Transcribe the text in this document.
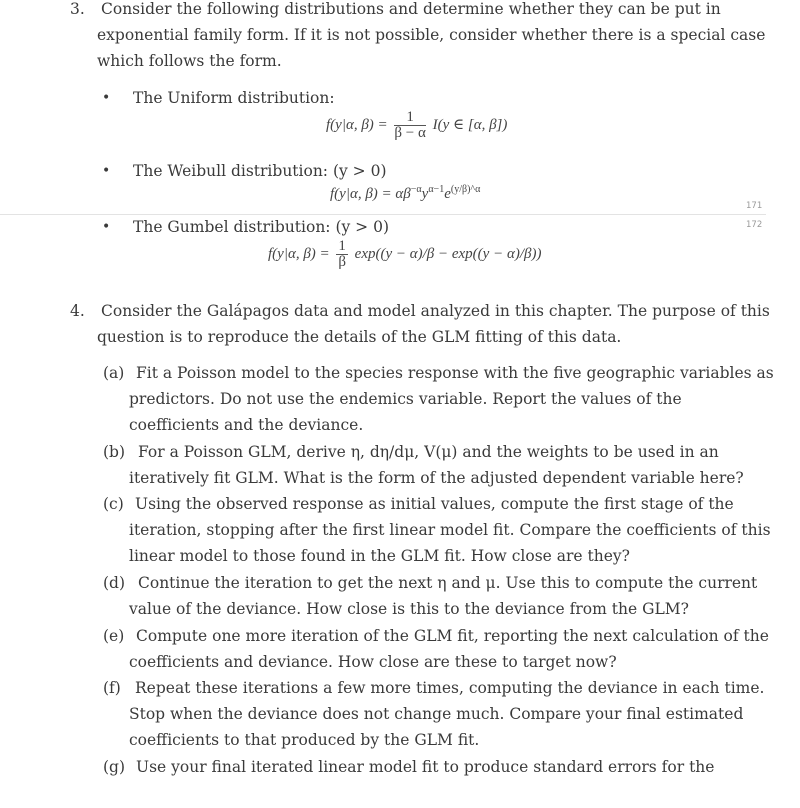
3. Consider the following distributions and determine whether they can be put in
exponential family form. If it is not possible, consider whether there is a special case
which follows the form.
• The Uniform distribution:
f(y|α, $\beta) = \frac{1}{\beta - \alpha} I(y$ ∈ [α, β])
• The Weibull distribution: (y > 0)
f(y|α, $\beta) = \alpha\beta^{-\alpha}y^{\alpha-1}e^{(y/\beta)\^{}\alpha}$
171
172
• The Gumbel distribution: (y > 0)
f(y|α, $\beta) = \frac{1}{\beta} \exp((y - \alpha)/\beta - \exp((y - \alpha)/\beta))$
4. Consider the Galápagos data and model analyzed in this chapter. The purpose of this
question is to reproduce the details of the GLM fitting of this data.
(a) Fit a Poisson model to the species response with the five geographic variables as
predictors. Do not use the endemics variable. Report the values of the
coefficients and the deviance.
(b) For a Poisson GLM, derive η, dη/dμ, V(μ) and the weights to be used in an
iteratively fit GLM. What is the form of the adjusted dependent variable here?
(c) Using the observed response as initial values, compute the first stage of the
iteration, stopping after the first linear model fit. Compare the coefficients of this
linear model to those found in the GLM fit. How close are they?
(d) Continue the iteration to get the next η and μ. Use this to compute the current
value of the deviance. How close is this to the deviance from the GLM?
(e) Compute one more iteration of the GLM fit, reporting the next calculation of the
coefficients and deviance. How close are these to target now?
(f) Repeat these iterations a few more times, computing the deviance in each time.
Stop when the deviance does not change much. Compare your final estimated
coefficients to that produced by the GLM fit.
(g) Use your final iterated linear model fit to produce standard errors for the
